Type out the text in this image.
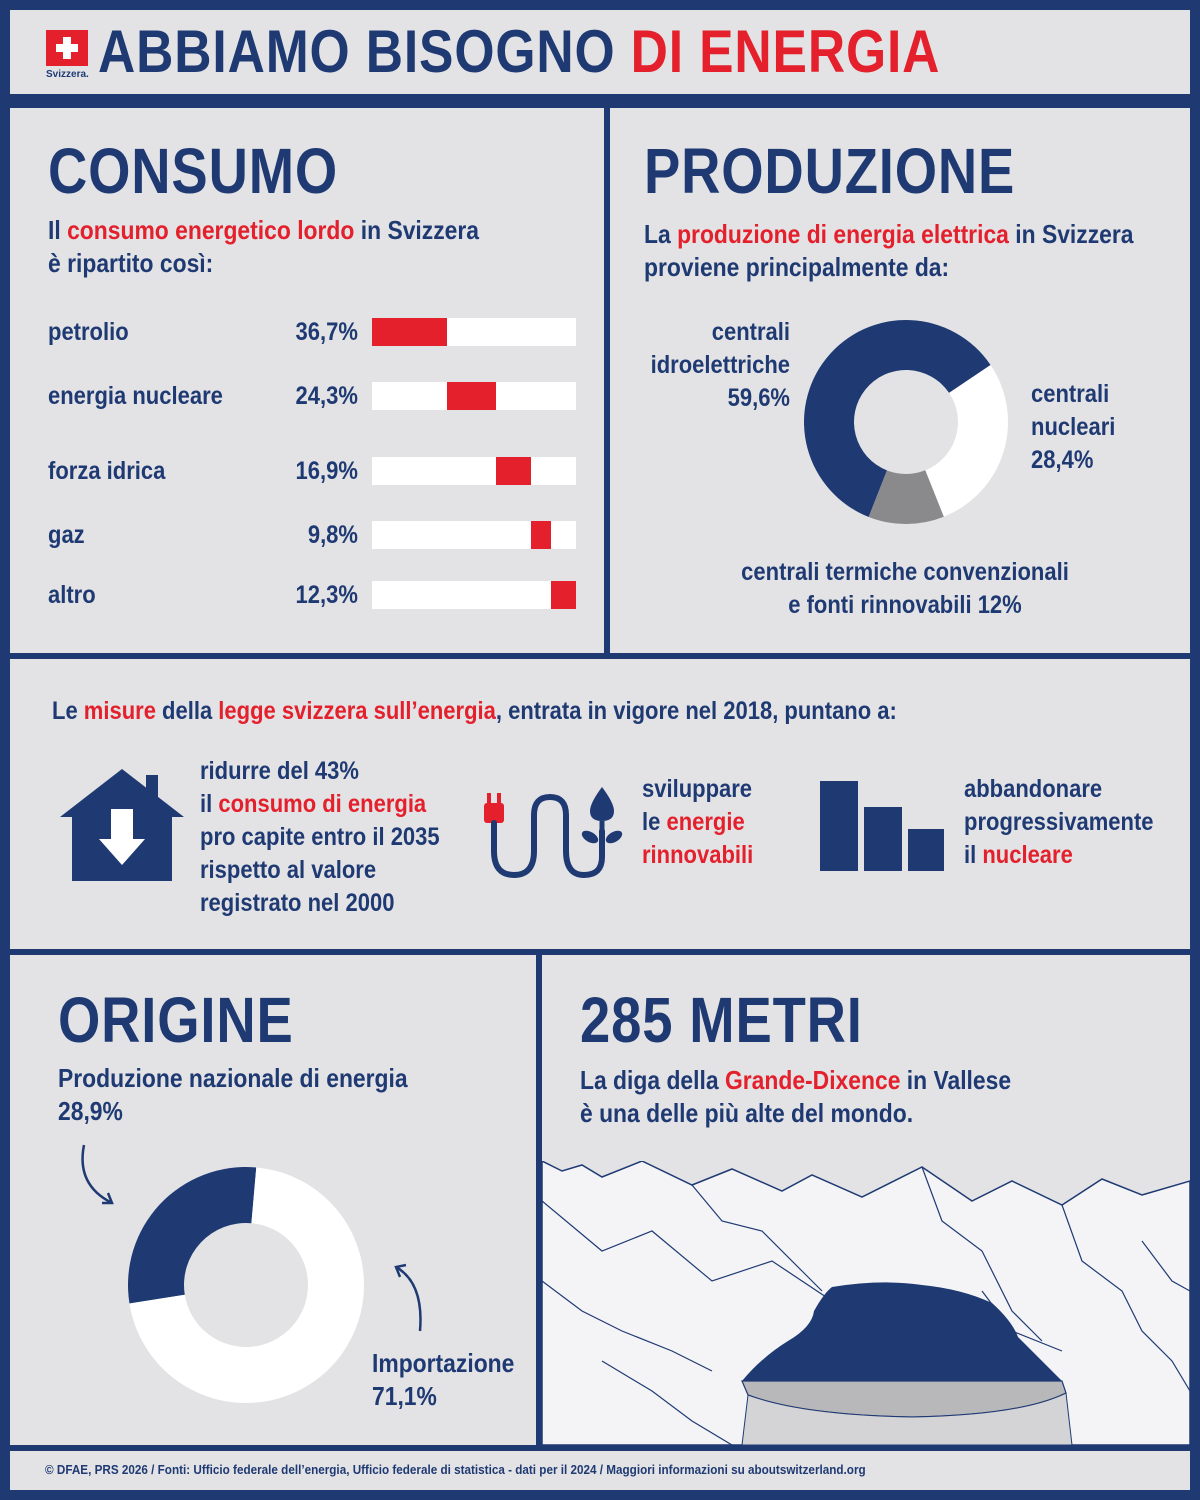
Svizzera. ABBIAMO BISOGNO DI ENERGIA
CONSUMO
Il consumo energetico lordo in Svizzera
è ripartito così:
petrolio	36,7%
energia nucleare	24,3%
forza idrica	16,9%
gaz	9,8%
altro	12,3%
PRODUZIONE
La produzione di energia elettrica in Svizzera
proviene principalmente da:
centrali
idroelettriche
59,6%	centrali
nucleari
28,4%
centrali termiche convenzionali
e fonti rinnovabili 12%
Le misure della legge svizzera sull’energia, entrata in vigore nel 2018, puntano a:
ridurre del 43%
il consumo di energia
pro capite entro il 2035
rispetto al valore
registrato nel 2000
sviluppare
le energie
rinnovabili
abbandonare
progressivamente
il nucleare
ORIGINE
Produzione nazionale di energia
28,9%
Importazione
71,1%
285 METRI
La diga della Grande-Dixence in Vallese
è una delle più alte del mondo.
© DFAE, PRS 2026 / Fonti: Ufficio federale dell’energia, Ufficio federale di statistica - dati per il 2024 / Maggiori informazioni su aboutswitzerland.org
